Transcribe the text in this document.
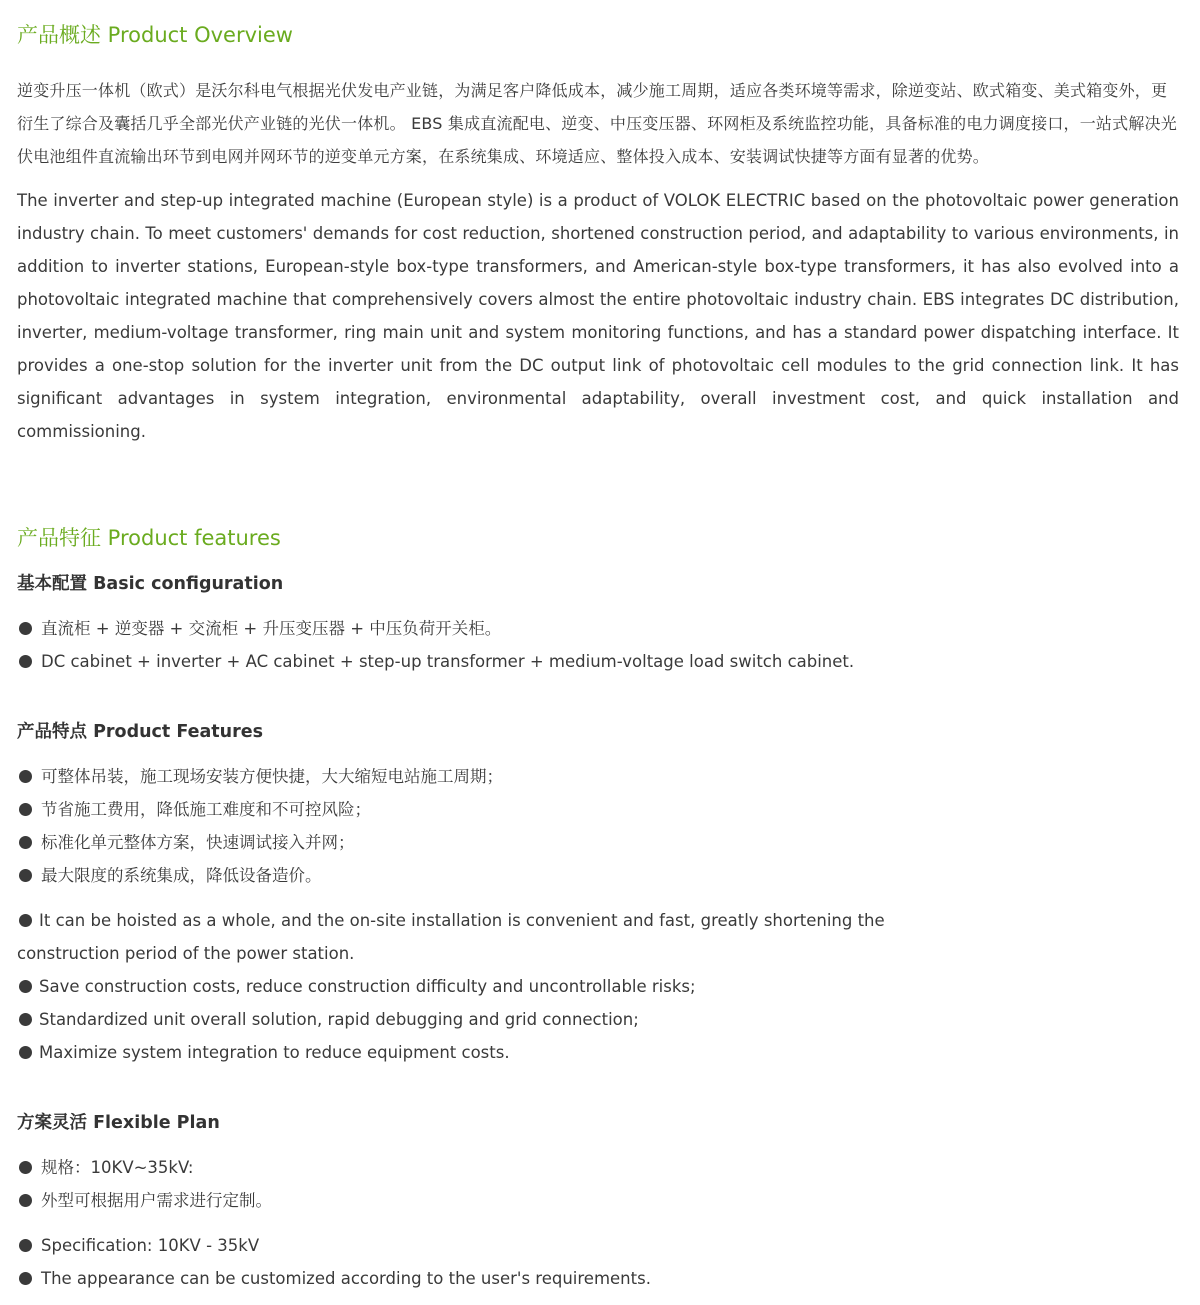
产品概述 Product Overview

逆变升压一体机（欧式）是沃尔科电气根据光伏发电产业链，为满足客户降低成本，减少施工周期，适应各类环境等需求，除逆变站、欧式箱变、美式箱变外，更衍生了综合及囊括几乎全部光伏产业链的光伏一体机。 EBS 集成直流配电、逆变、中压变压器、环网柜及系统监控功能，具备标准的电力调度接口，一站式解决光伏电池组件直流输出环节到电网并网环节的逆变单元方案，在系统集成、环境适应、整体投入成本、安装调试快捷等方面有显著的优势。

The inverter and step-up integrated machine (European style) is a product of VOLOK ELECTRIC based on the photovoltaic power generation industry chain. To meet customers' demands for cost reduction, shortened construction period, and adaptability to various environments, in addition to inverter stations, European-style box-type transformers, and American-style box-type transformers, it has also evolved into a photovoltaic integrated machine that comprehensively covers almost the entire photovoltaic industry chain. EBS integrates DC distribution, inverter, medium-voltage transformer, ring main unit and system monitoring functions, and has a standard power dispatching interface. It provides a one-stop solution for the inverter unit from the DC output link of photovoltaic cell modules to the grid connection link. It has significant advantages in system integration, environmental adaptability, overall investment cost, and quick installation and commissioning.

产品特征 Product features
基本配置 Basic configuration
直流柜 + 逆变器 + 交流柜 + 升压变压器 + 中压负荷开关柜。
DC cabinet + inverter + AC cabinet + step-up transformer + medium-voltage load switch cabinet.
产品特点 Product Features
可整体吊装，施工现场安装方便快捷，大大缩短电站施工周期；
节省施工费用，降低施工难度和不可控风险；
标准化单元整体方案，快速调试接入并网；
最大限度的系统集成，降低设备造价。

It can be hoisted as a whole, and the on-site installation is convenient and fast, greatly shortening the

construction period of the power station.

Save construction costs, reduce construction difficulty and uncontrollable risks;
Standardized unit overall solution, rapid debugging and grid connection;
Maximize system integration to reduce equipment costs.
方案灵活 Flexible Plan
规格：10KV~35kV:
外型可根据用户需求进行定制。
Specification: 10KV - 35kV
The appearance can be customized according to the user's requirements.
